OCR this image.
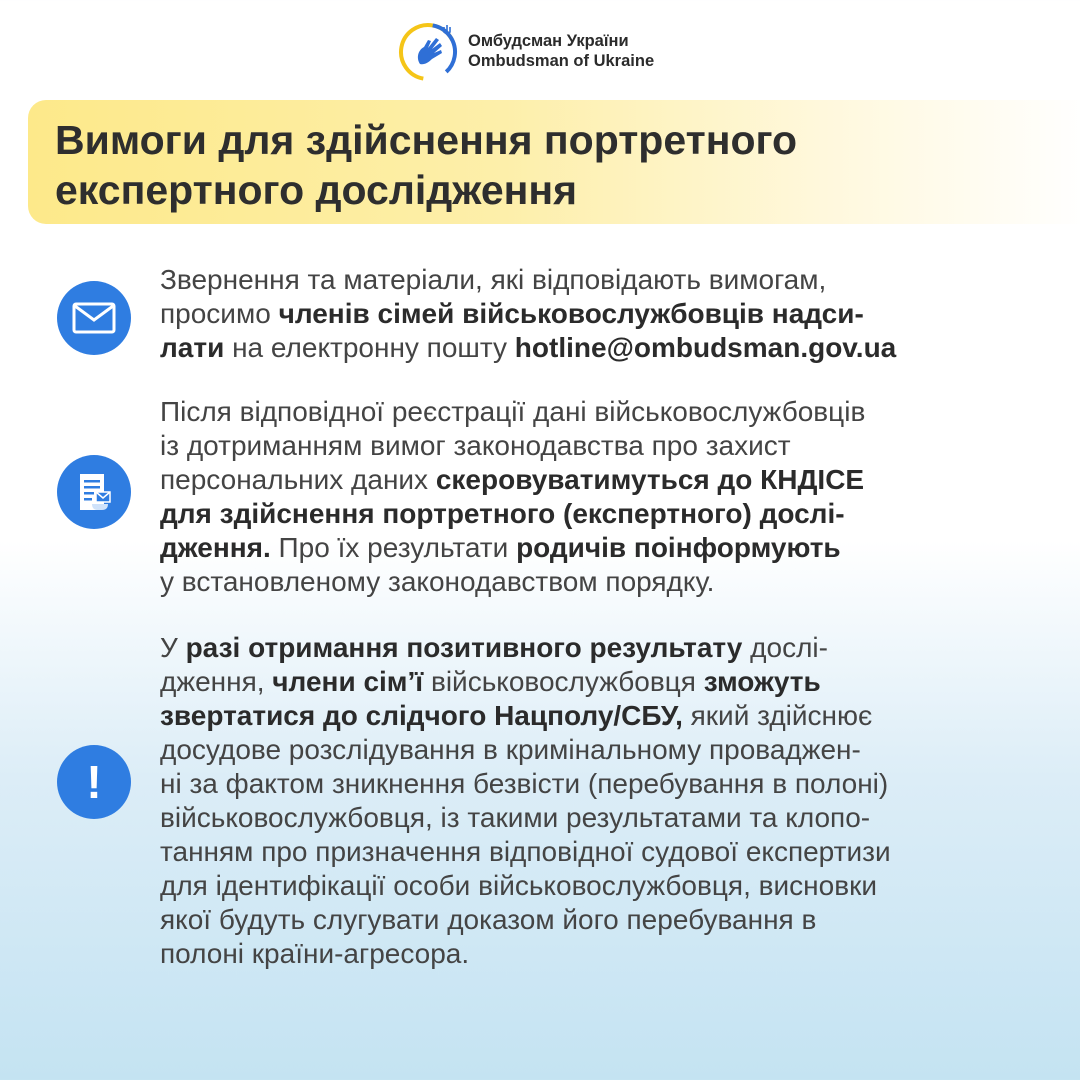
Омбудсман України
Ombudsman of Ukraine
Вимоги для здійснення портретного
експертного дослідження
Звернення та матеріали, які відповідають вимогам,
просимо членів сімей військовослужбовців надси-
лати на електронну пошту hotline@ombudsman.gov.ua
Після відповідної реєстрації дані військовослужбовців
із дотриманням вимог законодавства про захист
персональних даних скеровуватимуться до КНДІСЕ
для здійснення портретного (експертного) дослі-
дження. Про їх результати родичів поінформують
у встановленому законодавством порядку.
!
У разі отримання позитивного результату дослі-
дження, члени сім’ї військовослужбовця зможуть
звертатися до слідчого Нацполу/СБУ, який здійснює
досудове розслідування в кримінальному проваджен-
ні за фактом зникнення безвісти (перебування в полоні)
військовослужбовця, із такими результатами та клопо-
танням про призначення відповідної судової експертизи
для ідентифікації особи військовослужбовця, висновки
якої будуть слугувати доказом його перебування в
полоні країни-агресора.
